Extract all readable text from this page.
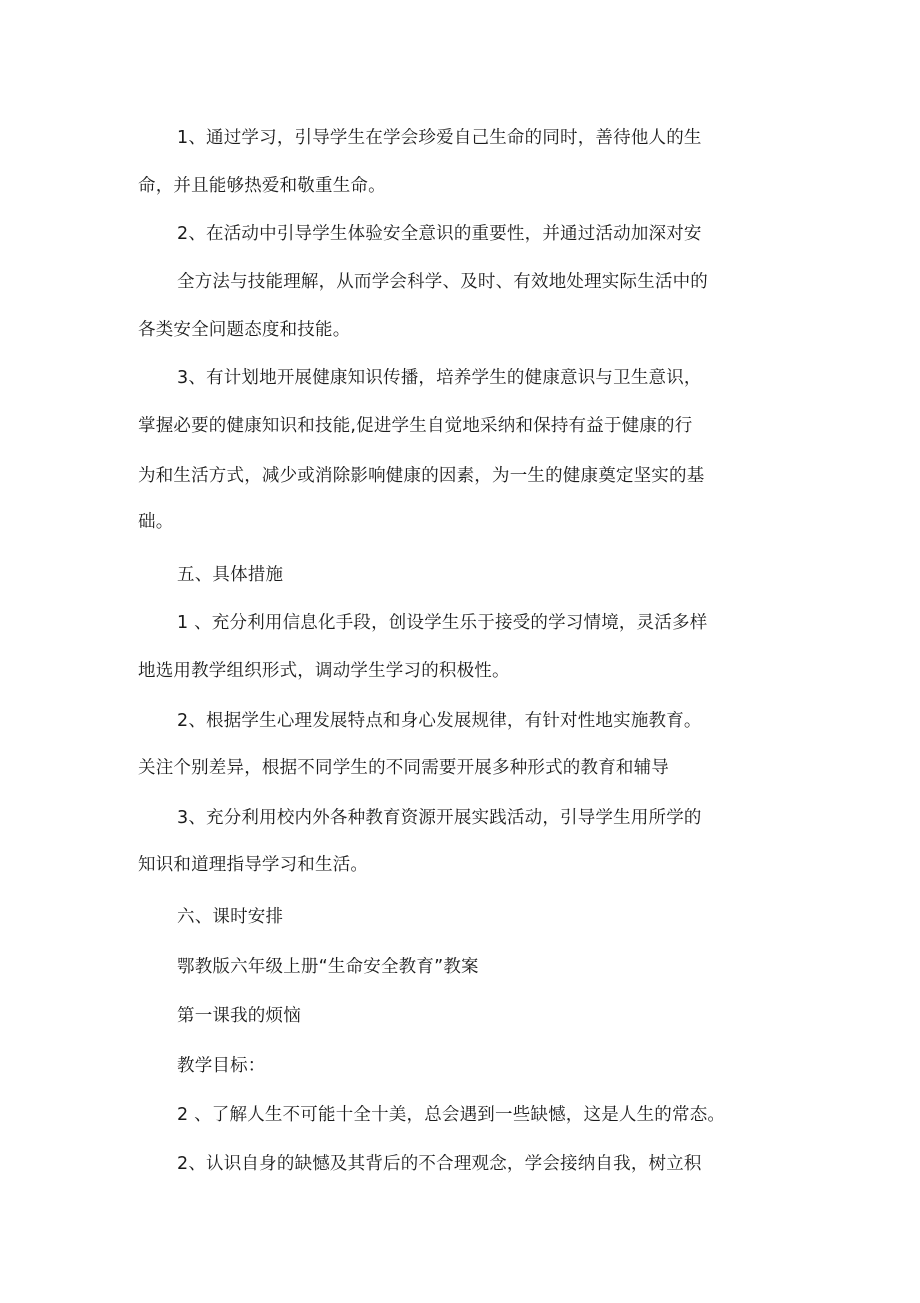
1、通过学习，引导学生在学会珍爱自己生命的同时，善待他人的生

命，并且能够热爱和敬重生命。

2、在活动中引导学生体验安全意识的重要性，并通过活动加深对安

全方法与技能理解，从而学会科学、及时、有效地处理实际生活中的

各类安全问题态度和技能。

3、有计划地开展健康知识传播，培养学生的健康意识与卫生意识，

掌握必要的健康知识和技能,促进学生自觉地采纳和保持有益于健康的行

为和生活方式，减少或消除影响健康的因素，为一生的健康奠定坚实的基

础。

五、具体措施

1 、充分利用信息化手段，创设学生乐于接受的学习情境，灵活多样

地选用教学组织形式，调动学生学习的积极性。

2、根据学生心理发展特点和身心发展规律，有针对性地实施教育。

关注个别差异，根据不同学生的不同需要开展多种形式的教育和辅导

3、充分利用校内外各种教育资源开展实践活动，引导学生用所学的

知识和道理指导学习和生活。

六、课时安排

鄂教版六年级上册“生命安全教育”教案

第一课我的烦恼

教学目标：

2 、了解人生不可能十全十美，总会遇到一些缺憾，这是人生的常态。

2、认识自身的缺憾及其背后的不合理观念，学会接纳自我，树立积
